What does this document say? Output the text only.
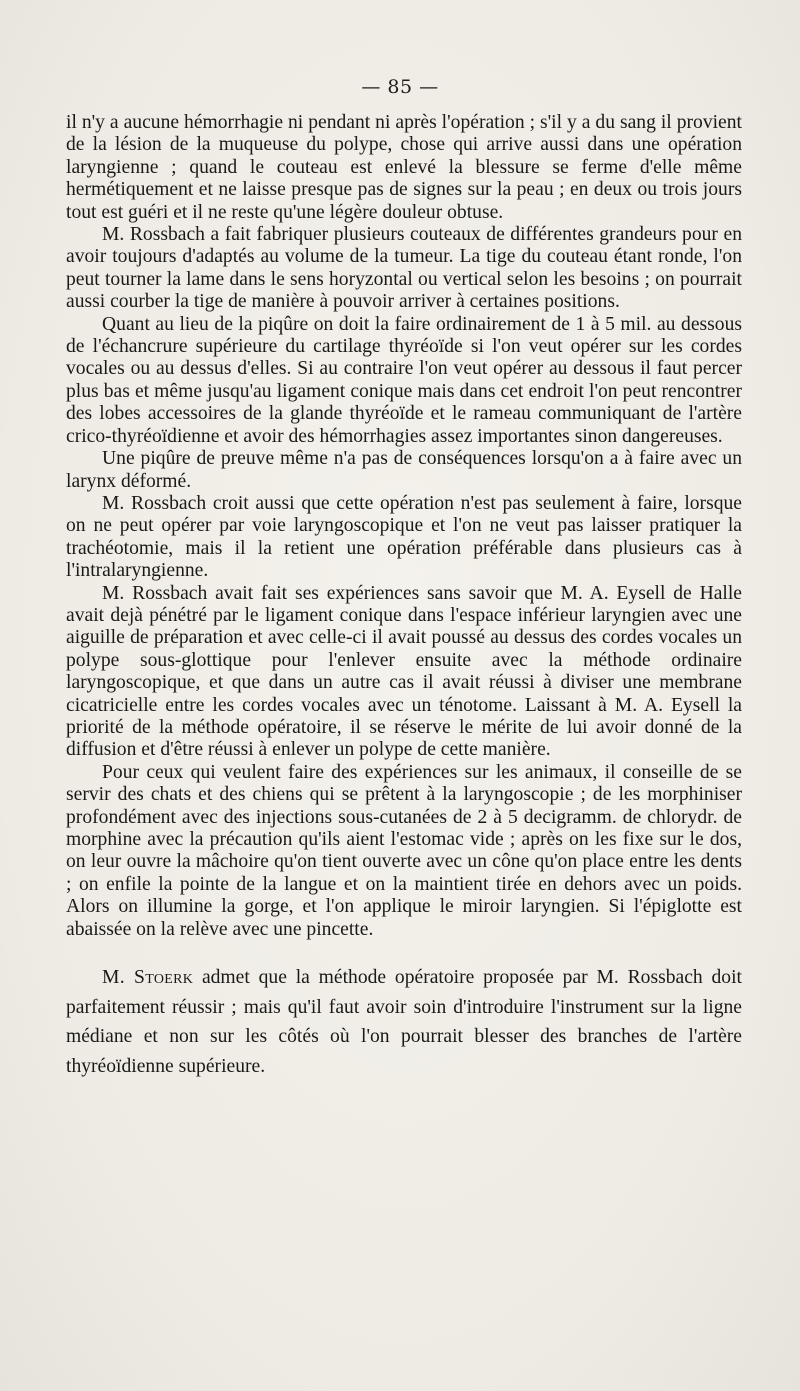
— 85 —

il n'y a aucune hémorrhagie ni pendant ni après l'opération ; s'il y a du sang il provient de la lésion de la muqueuse du polype, chose qui arrive aussi dans une opération laryngienne ; quand le couteau est enlevé la blessure se ferme d'elle même hermétiquement et ne laisse presque pas de signes sur la peau ; en deux ou trois jours tout est guéri et il ne reste qu'une légère douleur obtuse.

M. Rossbach a fait fabriquer plusieurs couteaux de différentes grandeurs pour en avoir toujours d'adaptés au volume de la tumeur. La tige du couteau étant ronde, l'on peut tourner la lame dans le sens horyzontal ou vertical selon les besoins ; on pourrait aussi courber la tige de manière à pouvoir arriver à certaines positions.

Quant au lieu de la piqûre on doit la faire ordinairement de 1 à 5 mil. au dessous de l'échancrure supérieure du cartilage thyréoïde si l'on veut opérer sur les cordes vocales ou au dessus d'elles. Si au contraire l'on veut opérer au dessous il faut percer plus bas et même jusqu'au ligament conique mais dans cet endroit l'on peut rencontrer des lobes accessoires de la glande thyréoïde et le rameau communiquant de l'artère crico-thyréoïdienne et avoir des hémorrhagies assez importantes sinon dangereuses.

Une piqûre de preuve même n'a pas de conséquences lorsqu'on a à faire avec un larynx déformé.

M. Rossbach croit aussi que cette opération n'est pas seulement à faire, lorsque on ne peut opérer par voie laryngoscopique et l'on ne veut pas laisser pratiquer la trachéotomie, mais il la retient une opération préférable dans plusieurs cas à l'intralaryngienne.

M. Rossbach avait fait ses expériences sans savoir que M. A. Eysell de Halle avait dejà pénétré par le ligament conique dans l'espace inférieur laryngien avec une aiguille de préparation et avec celle-ci il avait poussé au dessus des cordes vocales un polype sous-glottique pour l'enlever ensuite avec la méthode ordinaire laryngoscopique, et que dans un autre cas il avait réussi à diviser une membrane cicatricielle entre les cordes vocales avec un ténotome. Laissant à M. A. Eysell la priorité de la méthode opératoire, il se réserve le mérite de lui avoir donné de la diffusion et d'être réussi à enlever un polype de cette manière.

Pour ceux qui veulent faire des expériences sur les animaux, il conseille de se servir des chats et des chiens qui se prêtent à la laryngoscopie ; de les morphiniser profondément avec des injections sous-cutanées de 2 à 5 decigramm. de chlorydr. de morphine avec la précaution qu'ils aient l'estomac vide ; après on les fixe sur le dos, on leur ouvre la mâchoire qu'on tient ouverte avec un cône qu'on place entre les dents ; on enfile la pointe de la langue et on la maintient tirée en dehors avec un poids. Alors on illumine la gorge, et l'on applique le miroir laryngien. Si l'épiglotte est abaissée on la relève avec une pincette.

M. Stoerk admet que la méthode opératoire proposée par M. Rossbach doit parfaitement réussir ; mais qu'il faut avoir soin d'introduire l'instrument sur la ligne médiane et non sur les côtés où l'on pourrait blesser des branches de l'artère thyréoïdienne supérieure.
